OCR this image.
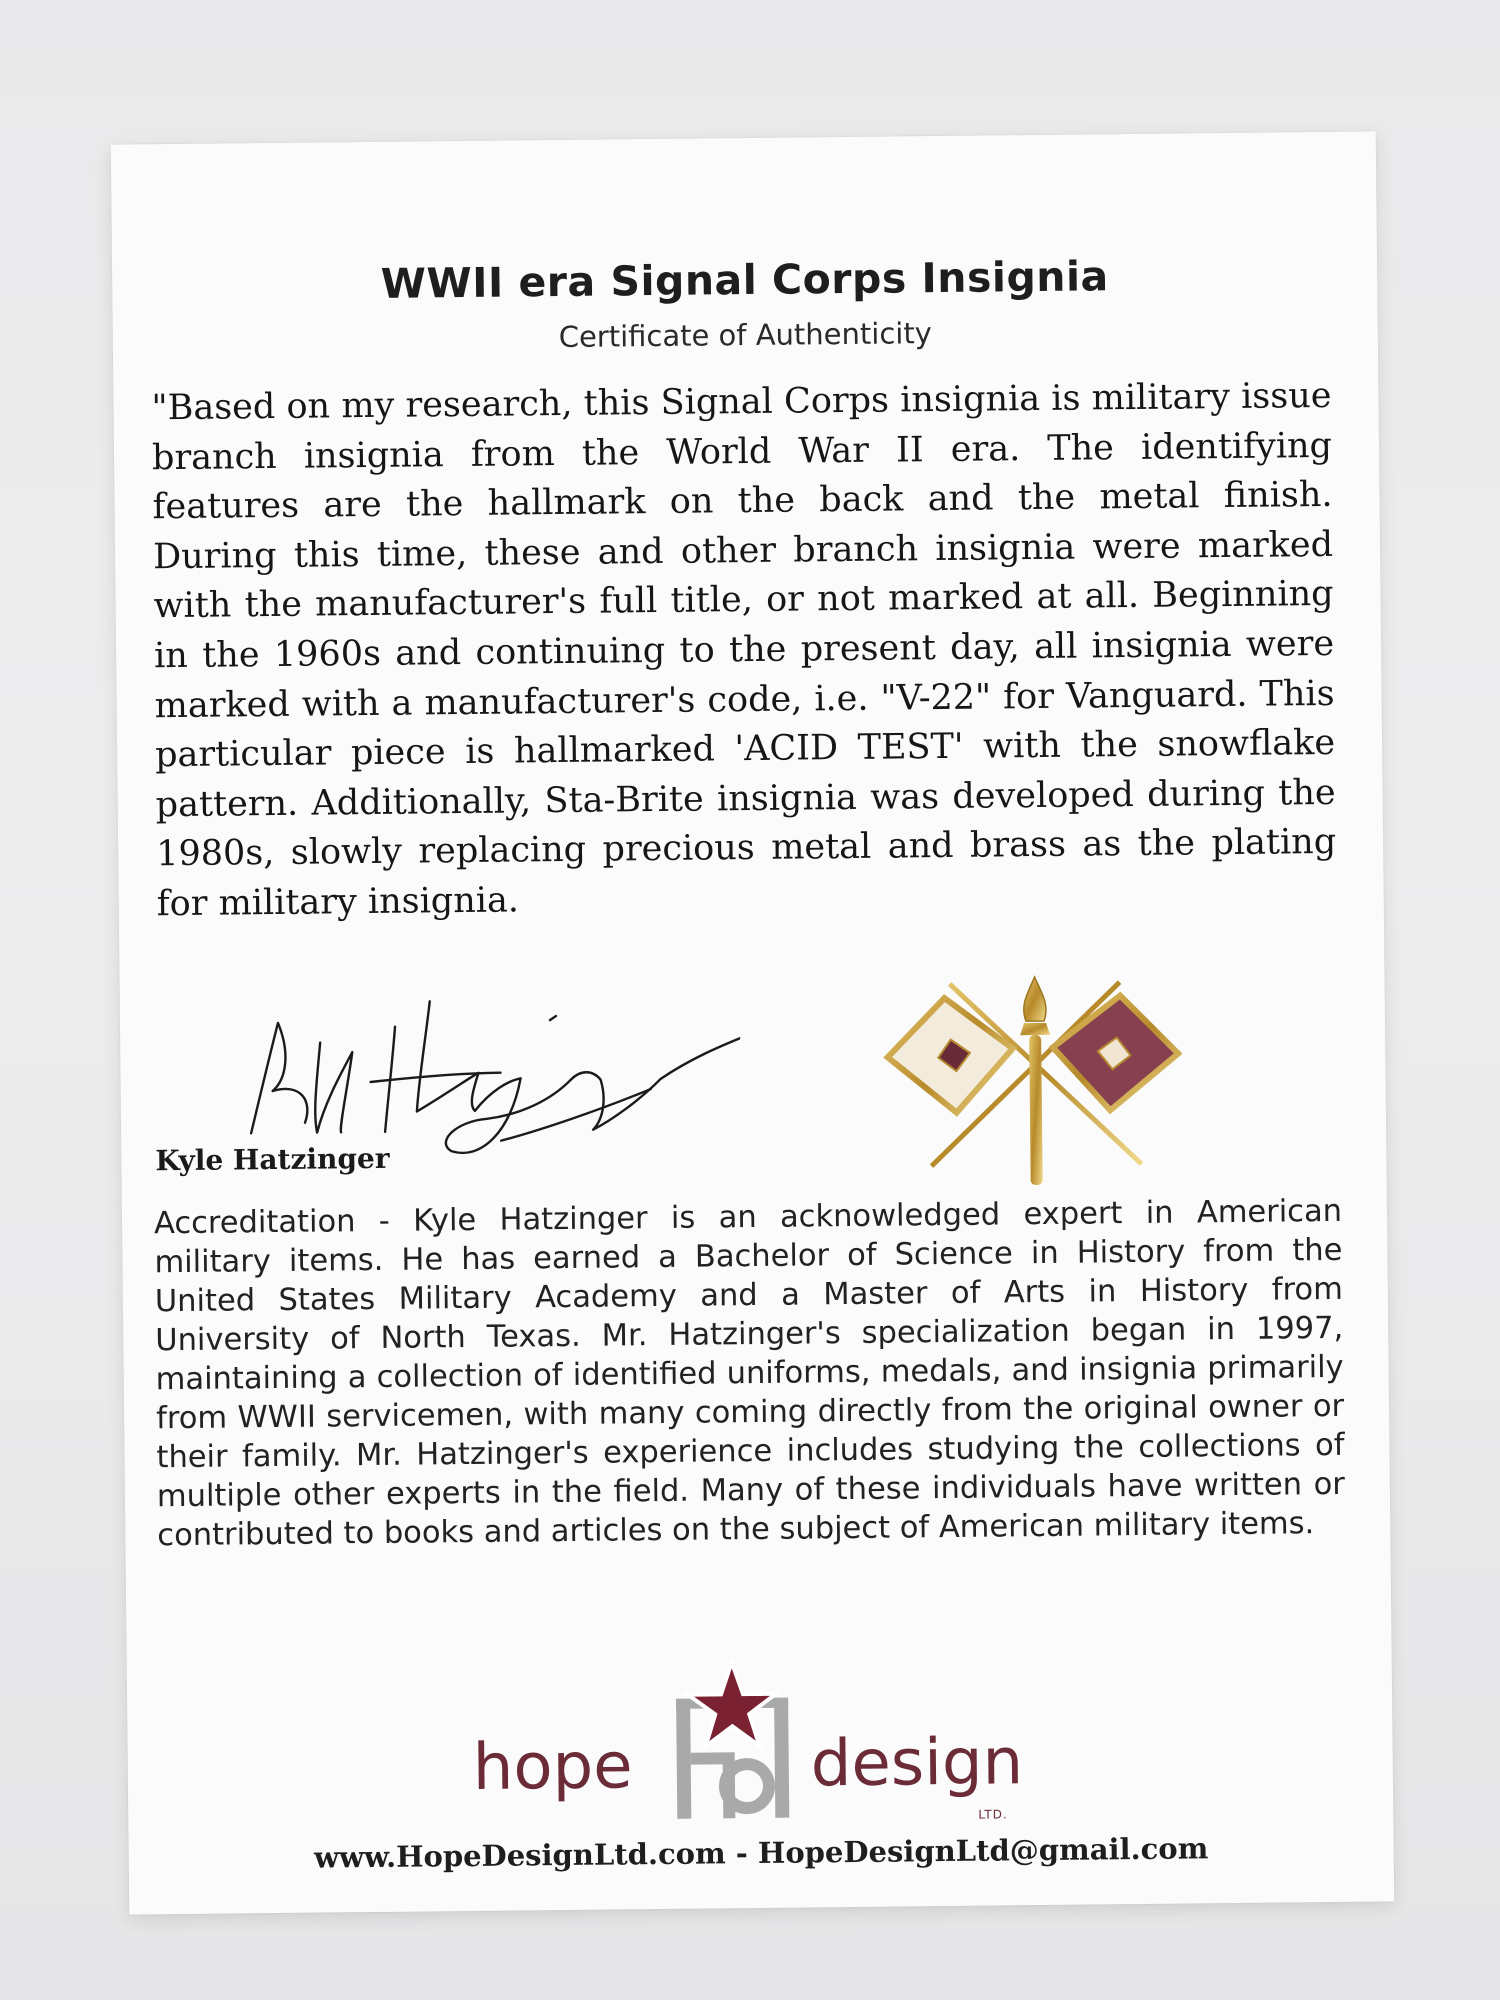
WWII era Signal Corps Insignia
Certificate of Authenticity
"Based on my research, this Signal Corps insignia is military issue branch insignia from the World War II era. The identifying features are the hallmark on the back and the metal finish. During this time, these and other branch insignia were marked with the manufacturer's full title, or not marked at all. Beginning in the 1960s and continuing to the present day, all insignia were marked with a manufacturer's code, i.e. "V-22" for Vanguard. This particular piece is hallmarked 'ACID TEST' with the snowflake pattern. Additionally, Sta-Brite insignia was developed during the 1980s, slowly replacing precious metal and brass as the plating for military insignia.
Kyle Hatzinger
Accreditation - Kyle Hatzinger is an acknowledged expert in American military items. He has earned a Bachelor of Science in History from the United States Military Academy and a Master of Arts in History from University of North Texas. Mr. Hatzinger's specialization began in 1997, maintaining a collection of identified uniforms, medals, and insignia primarily from WWII servicemen, with many coming directly from the original owner or their family. Mr. Hatzinger's experience includes studying the collections of multiple other experts in the field. Many of these individuals have written or contributed to books and articles on the subject of American military items.
hope	design
LTD.
www.HopeDesignLtd.com - HopeDesignLtd@gmail.com
